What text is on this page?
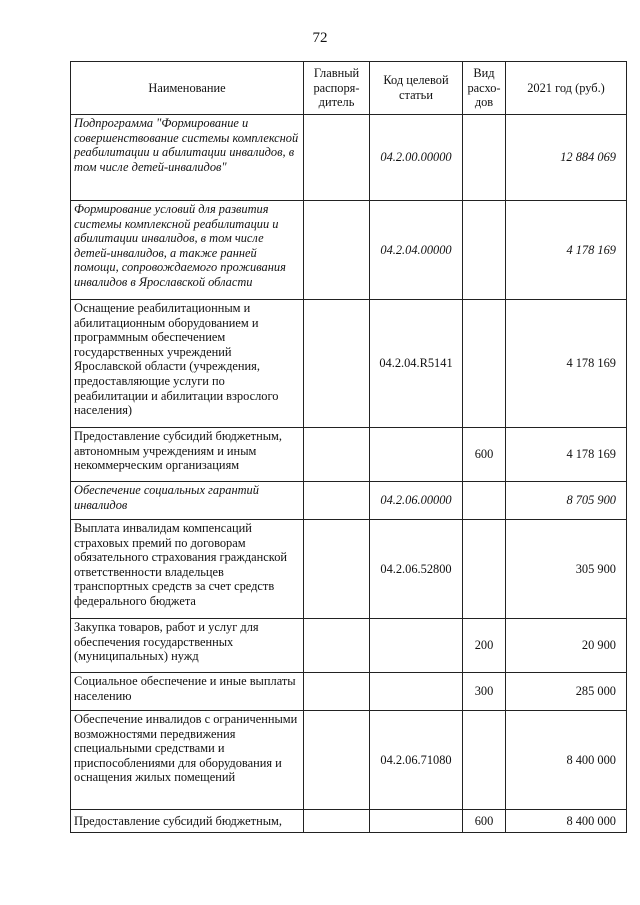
72
Наименование	Главный распоря-дитель	Код целевой статьи	Вид расхо-дов	2021 год (руб.)
Подпрограмма "Формирование и совершенствование системы комплексной реабилитации и абилитации инвалидов, в том числе детей-инвалидов"		04.2.00.00000		12 884 069
Формирование условий для развития системы комплексной реабилитации и абилитации инвалидов, в том числе детей-инвалидов, а также ранней помощи, сопровождаемого проживания инвалидов в Ярославской области		04.2.04.00000		4 178 169
Оснащение реабилитационным и абилитационным оборудованием и программным обеспечением государственных учреждений Ярославской области (учреждения, предоставляющие услуги по реабилитации и абилитации взрослого населения)		04.2.04.R5141		4 178 169
Предоставление субсидий бюджетным, автономным учреждениям и иным некоммерческим организациям			600	4 178 169
Обеспечение социальных гарантий инвалидов		04.2.06.00000		8 705 900
Выплата инвалидам компенсаций страховых премий по договорам обязательного страхования гражданской ответственности владельцев транспортных средств за счет средств федерального бюджета		04.2.06.52800		305 900
Закупка товаров, работ и услуг для обеспечения государственных (муниципальных) нужд			200	20 900
Социальное обеспечение и иные выплаты населению			300	285 000
Обеспечение инвалидов с ограниченными возможностями передвижения специальными средствами и приспособлениями для оборудования и оснащения жилых помещений		04.2.06.71080		8 400 000
Предоставление субсидий бюджетным,			600	8 400 000
